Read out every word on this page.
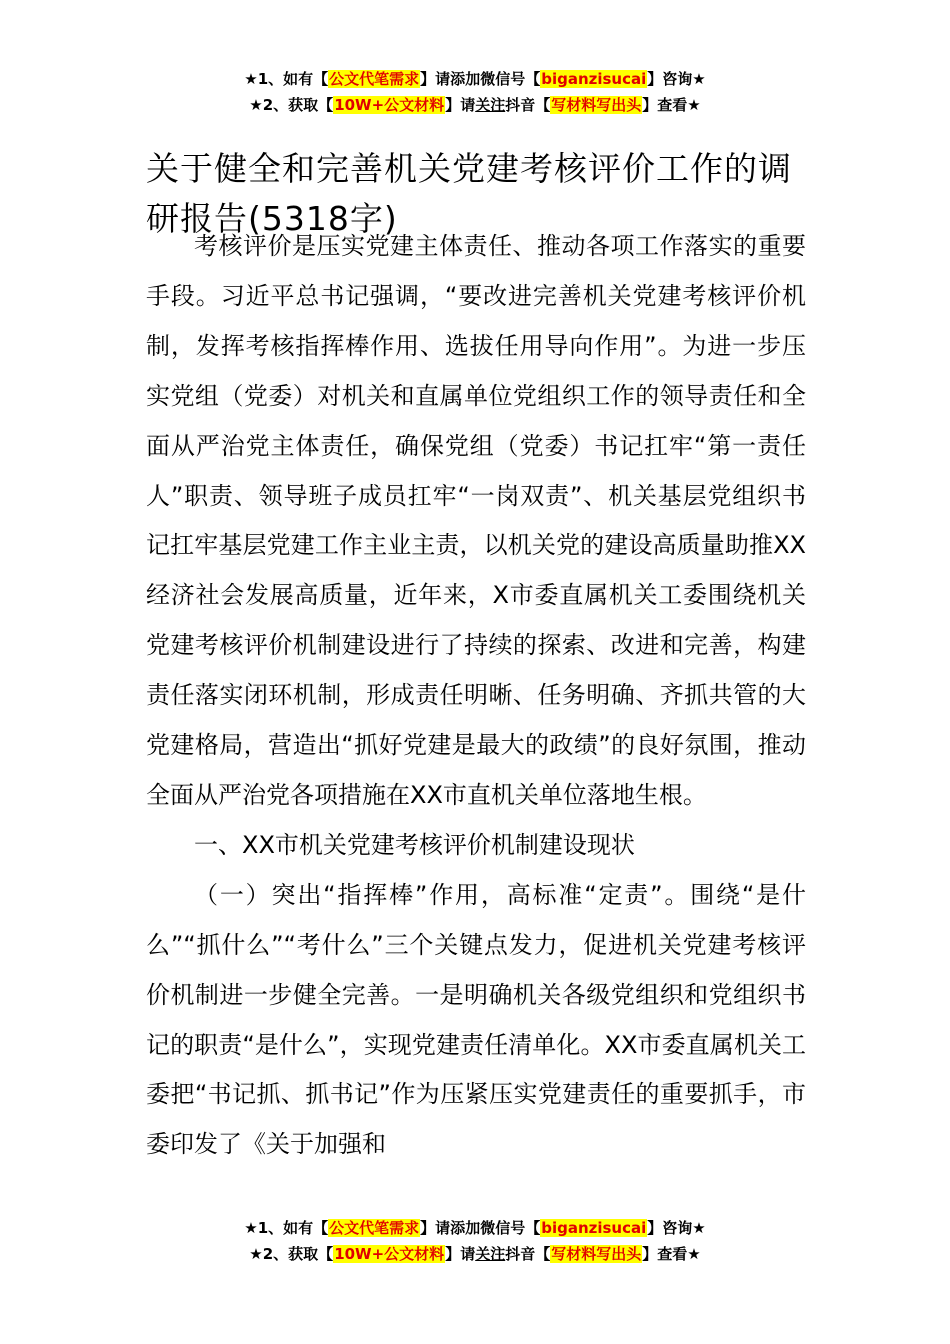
★1、如有【公文代笔需求】请添加微信号【biganzisucai】咨询★
★2、获取【10W+公文材料】请关注抖音【写材料写出头】查看★
关于健全和完善机关党建考核评价工作的调研报告(5318字)

考核评价是压实党建主体责任、推动各项工作落实的重要手段。习近平总书记强调，“要改进完善机关党建考核评价机制，发挥考核指挥棒作用、选拔任用导向作用”。为进一步压实党组（党委）对机关和直属单位党组织工作的领导责任和全面从严治党主体责任，确保党组（党委）书记扛牢“第一责任人”职责、领导班子成员扛牢“一岗双责”、机关基层党组织书记扛牢基层党建工作主业主责，以机关党的建设高质量助推XX经济社会发展高质量，近年来，X市委直属机关工委围绕机关党建考核评价机制建设进行了持续的探索、改进和完善，构建责任落实闭环机制，形成责任明晰、任务明确、齐抓共管的大党建格局，营造出“抓好党建是最大的政绩”的良好氛围，推动全面从严治党各项措施在XX市直机关单位落地生根。

一、XX市机关党建考核评价机制建设现状

（一）突出“指挥棒”作用，高标准“定责”。围绕“是什么”“抓什么”“考什么”三个关键点发力，促进机关党建考核评价机制进一步健全完善。一是明确机关各级党组织和党组织书记的职责“是什么”，实现党建责任清单化。XX市委直属机关工委把“书记抓、抓书记”作为压紧压实党建责任的重要抓手，市委印发了《关于加强和

★1、如有【公文代笔需求】请添加微信号【biganzisucai】咨询★
★2、获取【10W+公文材料】请关注抖音【写材料写出头】查看★
